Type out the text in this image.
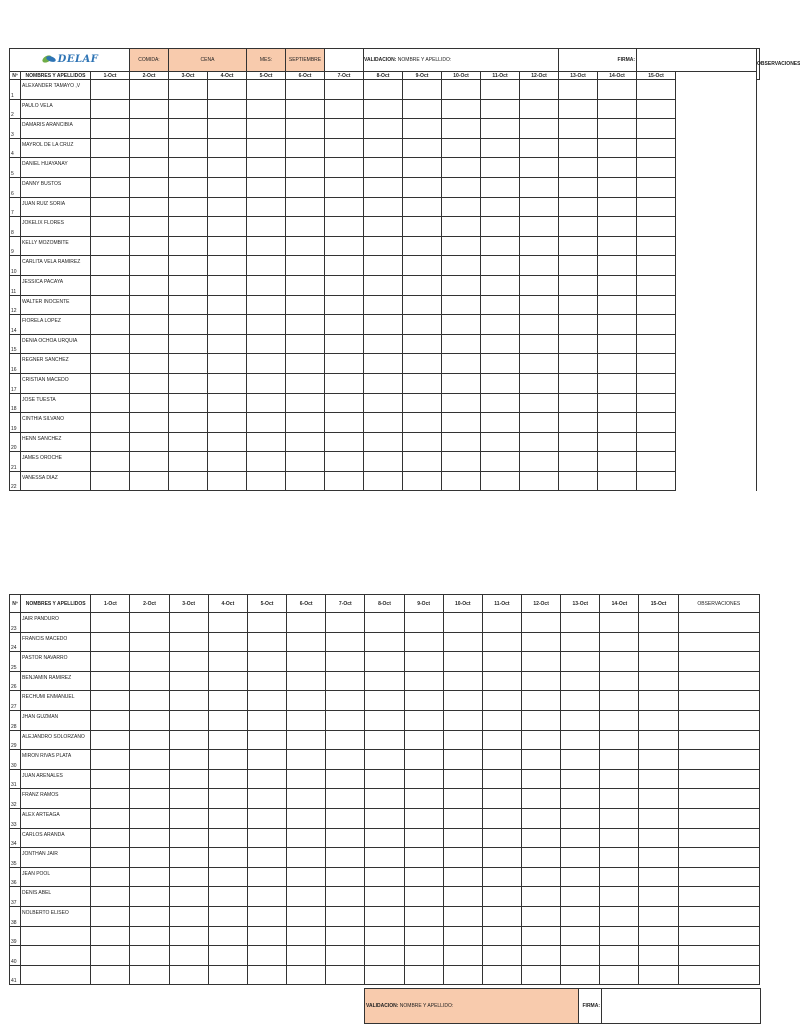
DELAF			COMIDA:	CENA		MES:	SEPTIEMBRE		VALIDACION: NOMBRE Y APELLIDO:					FIRMA:				OBSERVACIONES
Nº	NOMBRES Y APELLIDOS	1-Oct	2-Oct	3-Oct	4-Oct	5-Oct	6-Oct	7-Oct	8-Oct	9-Oct	10-Oct	11-Oct	12-Oct	13-Oct	14-Oct	15-Oct		

1	ALEXANDER TAMAYO ,V																	

2	PAULO VELA																	

3	DAMARIS ARANCIBIA																	

4	MAYROL DE LA CRUZ																	

5	DANIEL HUAYANAY																	

6	DANNY BUSTOS																	

7	JUAN RUIZ SORIA																	

8	JOKELIX FLORES																	

9	KELLY MOZOMBITE																	

10	CARLITA VELA RAMIREZ																	

11	JESSICA PACAYA																	

12	WALTER INOCENTE																	

14	FIORELA LOPEZ																	

15	DENIA OCHOA URQUIA																	

16	REGNER SANCHEZ																	

17	CRISTIAN MACEDO																	

18	JOSE TUESTA																	

19	CINTHIA SILVANO																	

20	HENN SANCHEZ																	

21	JAMES OROCHE																	

22	VANESSA DIAZ																	

Nº	NOMBRES Y APELLIDOS	1-Oct	2-Oct	3-Oct	4-Oct	5-Oct	6-Oct	7-Oct	8-Oct	9-Oct	10-Oct	11-Oct	12-Oct	13-Oct	14-Oct	15-Oct	OBSERVACIONES

23	JAIR PANDURO																

24	FRANCIS MACEDO																

25	PASTOR NAVARRO																

26	BENJAMIN RAMIREZ																

27	RECHUMI ENMANUEL																

28	JHAN GUZMAN																

29	ALEJANDRO SOLORZANO																

30	MIRON RIVAS PLATA																

31	JUAN ARENALES																

32	FRANZ RAMOS																

33	ALEX ARTEAGA																

34	CARLOS ARANDA																

35	JONTHAN JAIR																

36	JEAN POOL																

37	DENIS ABEL																

38	NOLBERTO ELISEO																

39																	

40																	

41																	

VALIDACION: NOMBRE Y APELLIDO:	FIRMA:	
